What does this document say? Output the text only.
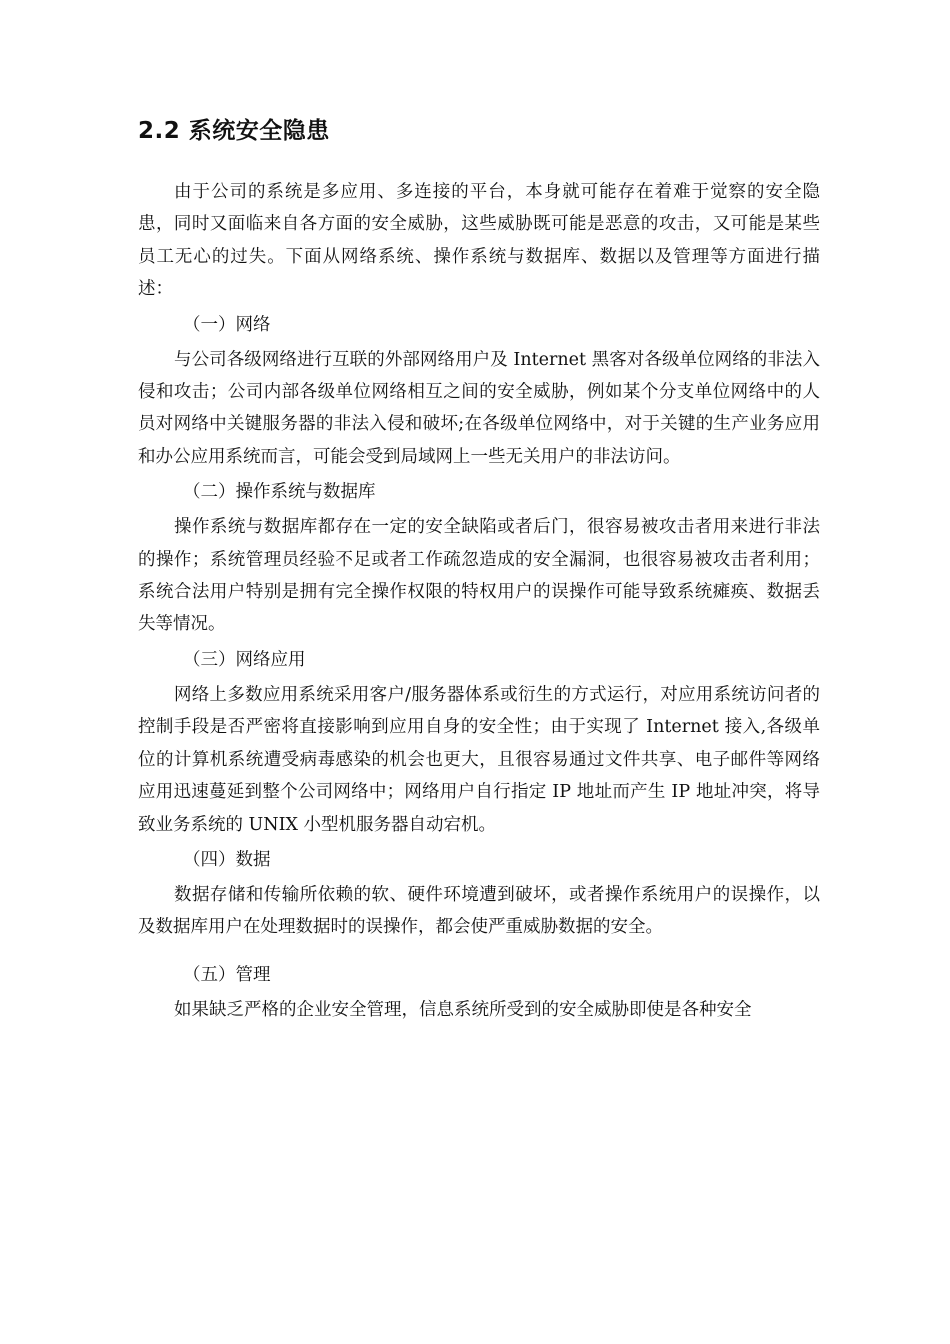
2.2 系统安全隐患

由于公司的系统是多应用、多连接的平台，本身就可能存在着难于觉察的安全隐患，同时又面临来自各方面的安全威胁，这些威胁既可能是恶意的攻击，又可能是某些员工无心的过失。下面从网络系统、操作系统与数据库、数据以及管理等方面进行描述：

（一）网络

与公司各级网络进行互联的外部网络用户及 Internet 黑客对各级单位网络的非法入侵和攻击；公司内部各级单位网络相互之间的安全威胁，例如某个分支单位网络中的人员对网络中关键服务器的非法入侵和破坏;在各级单位网络中，对于关键的生产业务应用和办公应用系统而言，可能会受到局域网上一些无关用户的非法访问。

（二）操作系统与数据库

操作系统与数据库都存在一定的安全缺陷或者后门，很容易被攻击者用来进行非法的操作；系统管理员经验不足或者工作疏忽造成的安全漏洞，也很容易被攻击者利用；系统合法用户特别是拥有完全操作权限的特权用户的误操作可能导致系统瘫痪、数据丢失等情况。

（三）网络应用

网络上多数应用系统采用客户/服务器体系或衍生的方式运行，对应用系统访问者的控制手段是否严密将直接影响到应用自身的安全性；由于实现了 Internet 接入,各级单位的计算机系统遭受病毒感染的机会也更大，且很容易通过文件共享、电子邮件等网络应用迅速蔓延到整个公司网络中；网络用户自行指定 IP 地址而产生 IP 地址冲突，将导致业务系统的 UNIX 小型机服务器自动宕机。

（四）数据

数据存储和传输所依赖的软、硬件环境遭到破坏，或者操作系统用户的误操作，以及数据库用户在处理数据时的误操作，都会使严重威胁数据的安全。

（五）管理

如果缺乏严格的企业安全管理，信息系统所受到的安全威胁即使是各种安全
